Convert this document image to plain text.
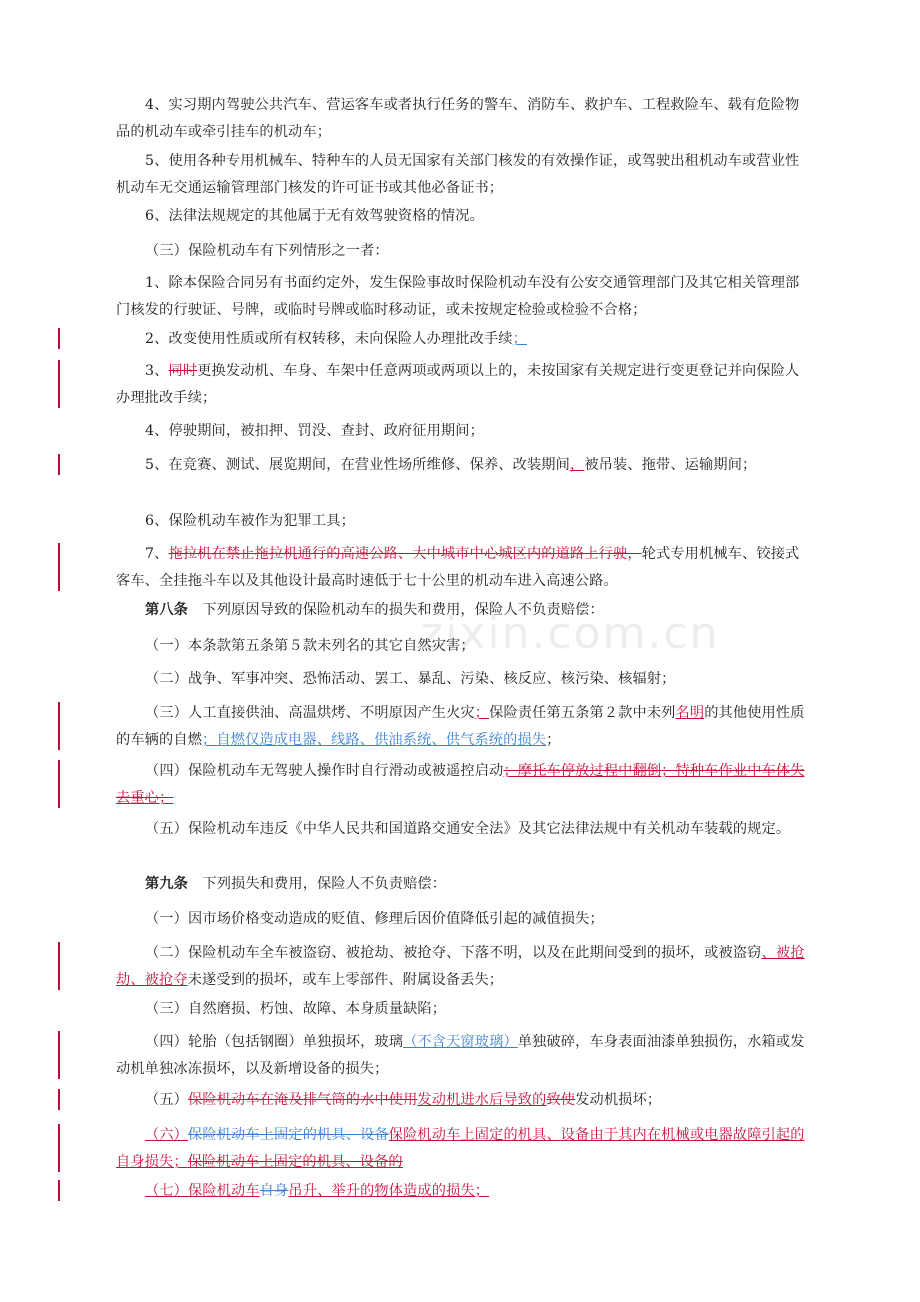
zixin.com.cn
4、实习期内驾驶公共汽车、营运客车或者执行任务的警车、消防车、救护车、工程救险车、载有危险物品的机动车或牵引挂车的机动车；
5、使用各种专用机械车、特种车的人员无国家有关部门核发的有效操作证，或驾驶出租机动车或营业性机动车无交通运输管理部门核发的许可证书或其他必备证书；
6、法律法规规定的其他属于无有效驾驶资格的情况。
（三）保险机动车有下列情形之一者：
1、除本保险合同另有书面约定外，发生保险事故时保险机动车没有公安交通管理部门及其它相关管理部门核发的行驶证、号牌，或临时号牌或临时移动证，或未按规定检验或检验不合格；
2、改变使用性质或所有权转移，未向保险人办理批改手续；
3、同时更换发动机、车身、车架中任意两项或两项以上的，未按国家有关规定进行变更登记并向保险人办理批改手续；
4、停驶期间，被扣押、罚没、查封、政府征用期间；
5、在竞赛、测试、展览期间，在营业性场所维修、保养、改装期间，被吊装、拖带、运输期间；
6、保险机动车被作为犯罪工具；
7、拖拉机在禁止拖拉机通行的高速公路、大中城市中心城区内的道路上行驶，轮式专用机械车、铰接式客车、全挂拖斗车以及其他设计最高时速低于七十公里的机动车进入高速公路。
第八条　下列原因导致的保险机动车的损失和费用，保险人不负责赔偿：
（一）本条款第五条第５款未列名的其它自然灾害；
（二）战争、军事冲突、恐怖活动、罢工、暴乱、污染、核反应、核污染、核辐射；
（三）人工直接供油、高温烘烤、不明原因产生火灾；保险责任第五条第２款中未列名明的其他使用性质的车辆的自燃；自燃仅造成电器、线路、供油系统、供气系统的损失；
（四）保险机动车无驾驶人操作时自行滑动或被遥控启动；摩托车停放过程中翻倒；特种车作业中车体失去重心；
（五）保险机动车违反《中华人民共和国道路交通安全法》及其它法律法规中有关机动车装载的规定。
第九条　下列损失和费用，保险人不负责赔偿：
（一）因市场价格变动造成的贬值、修理后因价值降低引起的减值损失；
（二）保险机动车全车被盗窃、被抢劫、被抢夺、下落不明，以及在此期间受到的损坏，或被盗窃、被抢劫、被抢夺未遂受到的损坏，或车上零部件、附属设备丢失；
（三）自然磨损、朽蚀、故障、本身质量缺陷；
（四）轮胎（包括钢圈）单独损坏，玻璃（不含天窗玻璃）单独破碎，车身表面油漆单独损伤，水箱或发动机单独冰冻损坏，以及新增设备的损失；
（五）保险机动车在淹及排气筒的水中使用发动机进水后导致的致使发动机损坏；
（六）保险机动车上固定的机具、设备保险机动车上固定的机具、设备由于其内在机械或电器故障引起的自身损失；保险机动车上固定的机具、设备的
（七）保险机动车自身吊升、举升的物体造成的损失；
